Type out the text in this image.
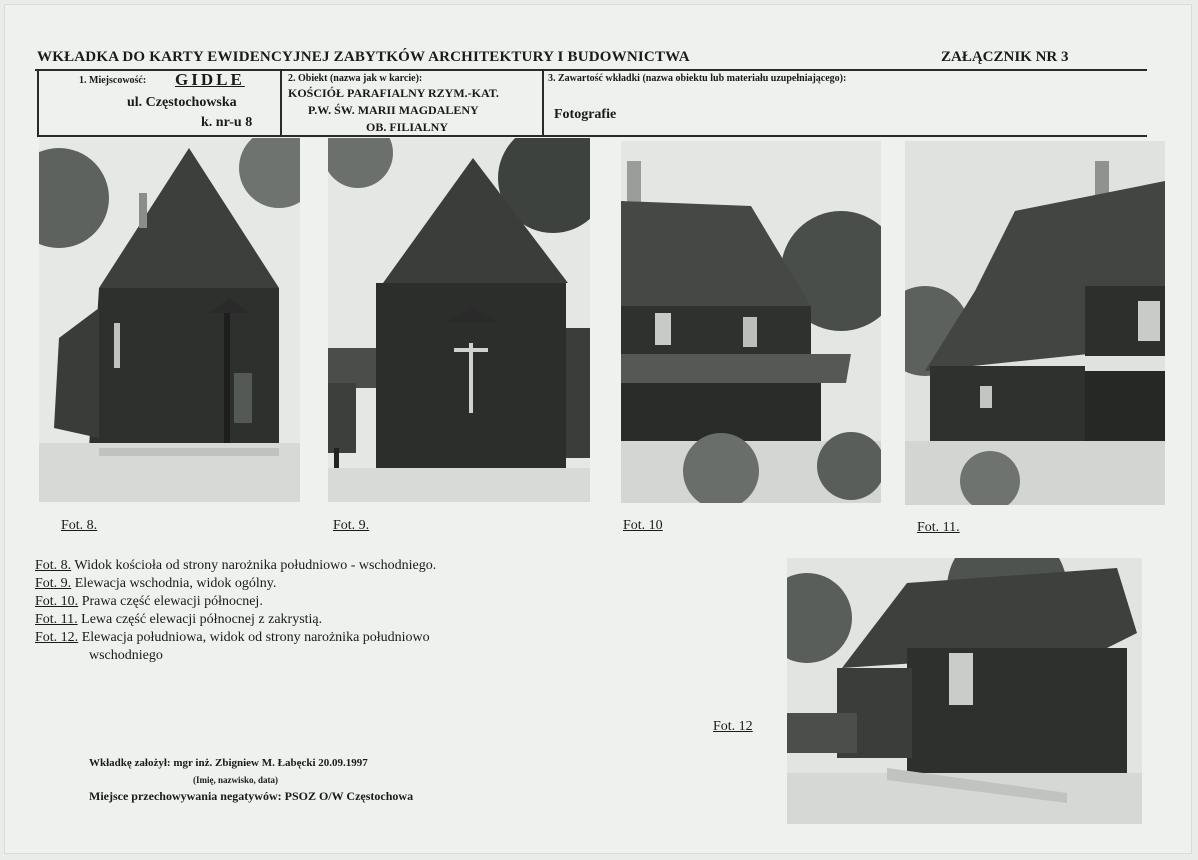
WKŁADKA DO KARTY EWIDENCYJNEJ ZABYTKÓW ARCHITEKTURY I BUDOWNICTWA	ZAŁĄCZNIK NR 3
1. Miejscowość: GIDLE
ul. Częstochowska
k. nr-u 8
2. Obiekt (nazwa jak w karcie):
KOŚCIÓŁ PARAFIALNY RZYM.-KAT.
P.W. ŚW. MARII MAGDALENY
OB. FILIALNY
3. Zawartość wkładki (nazwa obiektu lub materiału uzupełniającego):
Fotografie
Fot. 8.	Fot. 9.	Fot. 10	Fot. 11.
Fot. 8. Widok kościoła od strony narożnika południowo - wschodniego.
Fot. 9. Elewacja wschodnia, widok ogólny.
Fot. 10. Prawa część elewacji północnej.
Fot. 11. Lewa część elewacji północnej z zakrystią.
Fot. 12. Elewacja południowa, widok od strony narożnika południowo
wschodniego
Fot. 12
Wkładkę założył: mgr inż. Zbigniew M. Łabęcki 20.09.1997
(Imię, nazwisko, data)
Miejsce przechowywania negatywów: PSOZ O/W Częstochowa
